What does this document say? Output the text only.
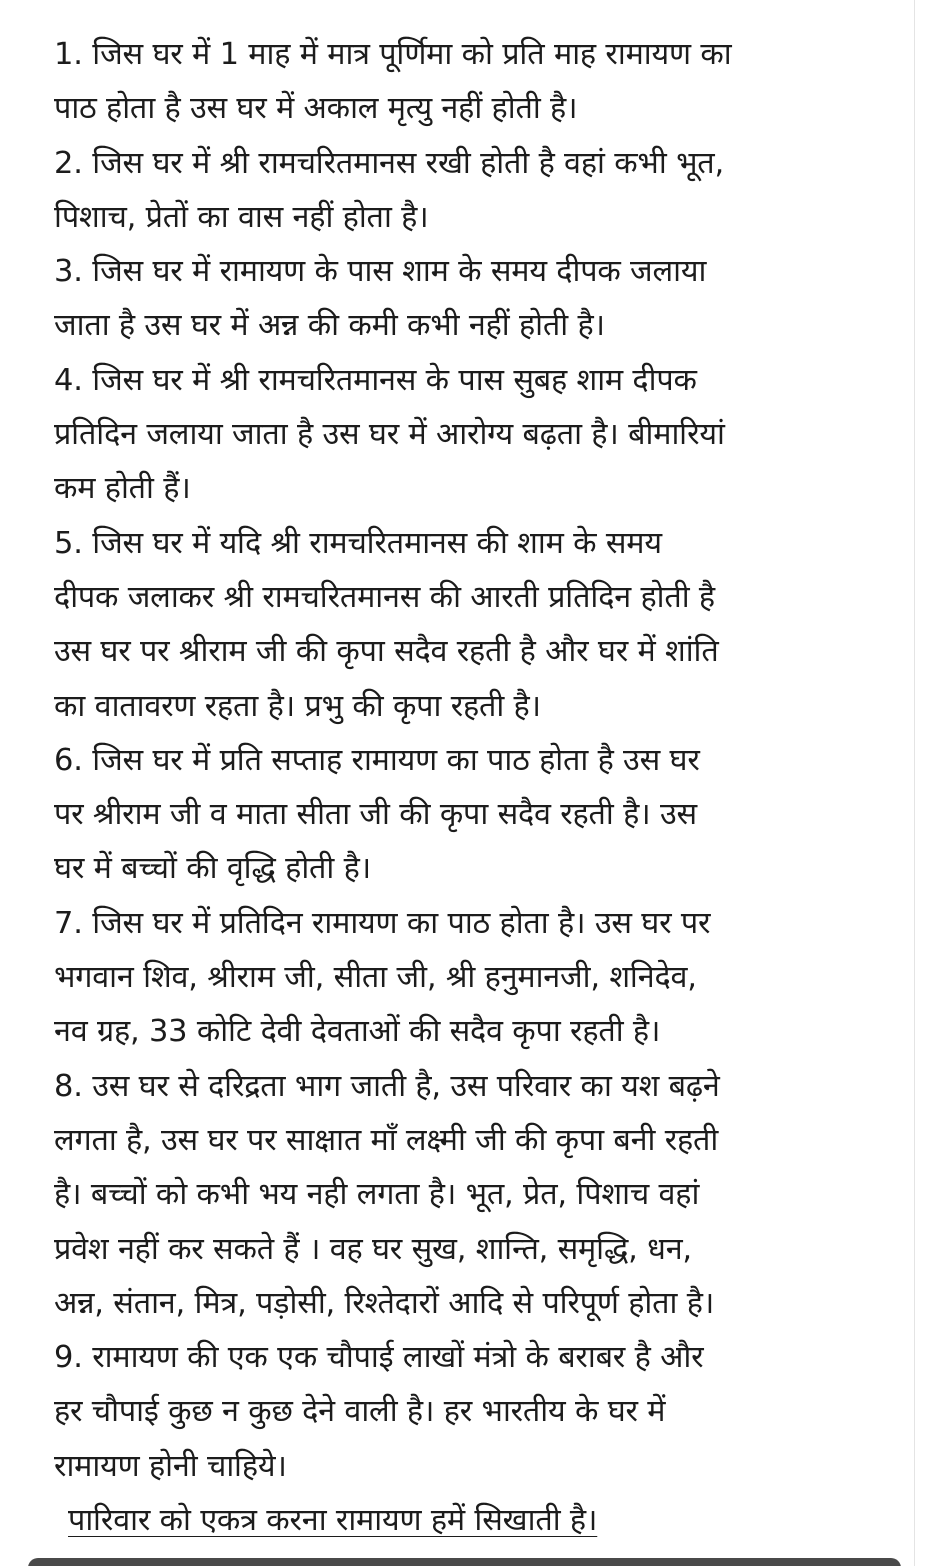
1. जिस घर में 1 माह में मात्र पूर्णिमा को प्रति माह रामायण का
पाठ होता है उस घर में अकाल मृत्यु नहीं होती है।
2. जिस घर में श्री रामचरितमानस रखी होती है वहां कभी भूत,
पिशाच, प्रेतों का वास नहीं होता है।
3. जिस घर में रामायण के पास शाम के समय दीपक जलाया
जाता है उस घर में अन्न की कमी कभी नहीं होती है।
4. जिस घर में श्री रामचरितमानस के पास सुबह शाम दीपक
प्रतिदिन जलाया जाता है उस घर में आरोग्य बढ़ता है। बीमारियां
कम होती हैं।
5. जिस घर में यदि श्री रामचरितमानस की शाम के समय
दीपक जलाकर श्री रामचरितमानस की आरती प्रतिदिन होती है
उस घर पर श्रीराम जी की कृपा सदैव रहती है और घर में शांति
का वातावरण रहता है। प्रभु की कृपा रहती है।
6. जिस घर में प्रति सप्ताह रामायण का पाठ होता है उस घर
पर श्रीराम जी व माता सीता जी की कृपा सदैव रहती है। उस
घर में बच्चों की वृद्धि होती है।
7. जिस घर में प्रतिदिन रामायण का पाठ होता है। उस घर पर
भगवान शिव, श्रीराम जी, सीता जी, श्री हनुमानजी, शनिदेव,
नव ग्रह, 33 कोटि देवी देवताओं की सदैव कृपा रहती है।
8. उस घर से दरिद्रता भाग जाती है, उस परिवार का यश बढ़ने
लगता है, उस घर पर साक्षात माँ लक्ष्मी जी की कृपा बनी रहती
है। बच्चों को कभी भय नही लगता है। भूत, प्रेत, पिशाच वहां
प्रवेश नहीं कर सकते हैं । वह घर सुख, शान्ति, समृद्धि, धन,
अन्न, संतान, मित्र, पड़ोसी, रिश्तेदारों आदि से परिपूर्ण होता है।
9. रामायण की एक एक चौपाई लाखों मंत्रो के बराबर है और
हर चौपाई कुछ न कुछ देने वाली है। हर भारतीय के घर में
रामायण होनी चाहिये।
पारिवार को एकत्र करना रामायण हमें सिखाती है।
